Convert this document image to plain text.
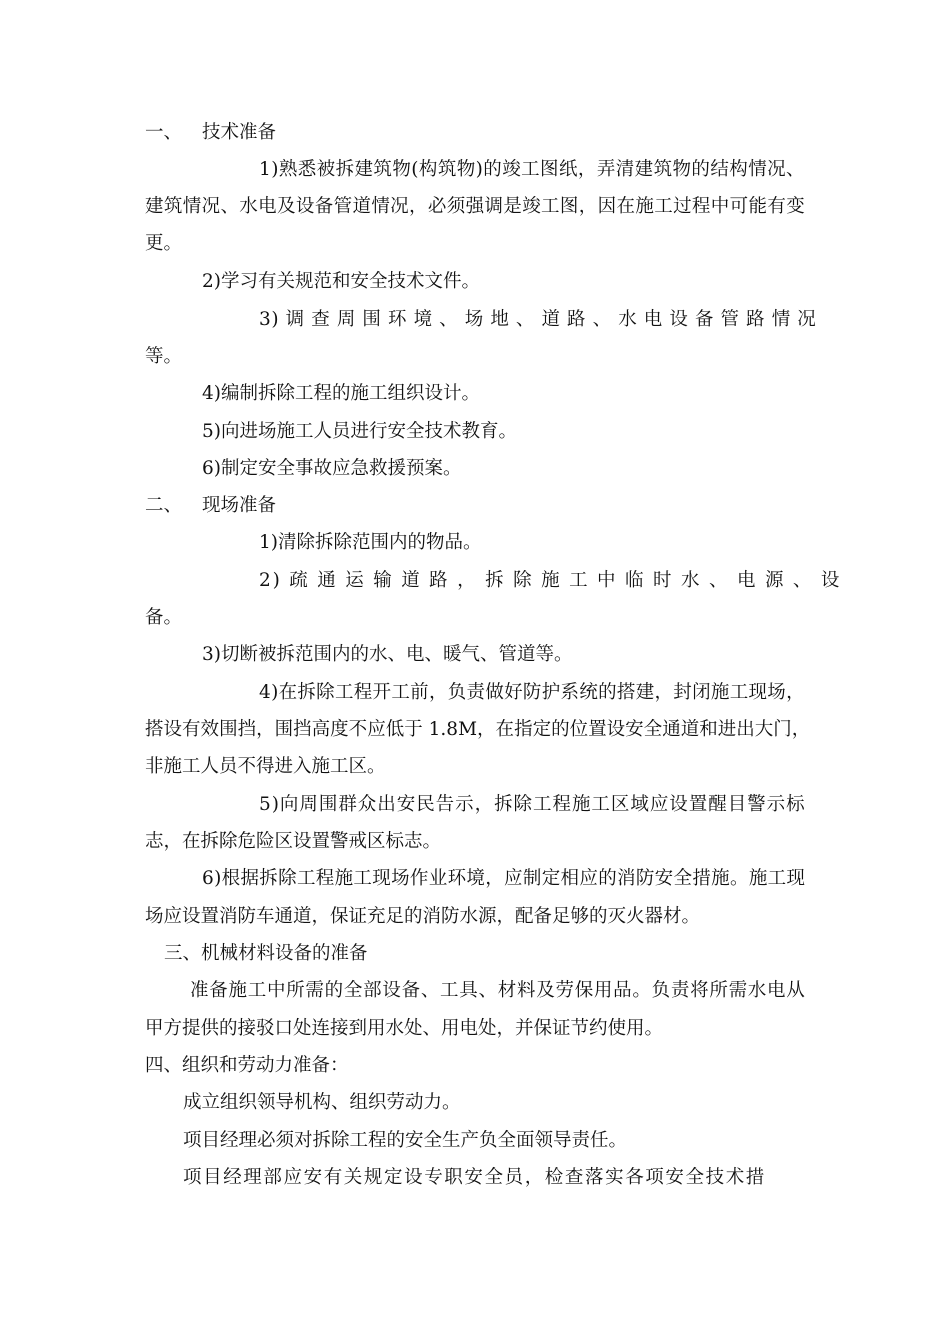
一、 技术准备
1 ) 熟 悉 被 拆 建 筑 物 ( 构 筑 物 ) 的 竣 工 图 纸 ， 弄 清 建 筑 物 的 结 构 情 况 、
建 筑 情 况 、 水 电 及 设 备 管 道 情 况 ， 必 须 强 调 是 竣 工 图 ， 因 在 施 工 过 程 中 可 能 有 变
更。
2)学习有关规范和安全技术文件。
3) 调 查 周 围 环 境 、 场 地 、 道 路 、 水 电 设 备 管 路 情 况
等。
4)编制拆除工程的施工组织设计。
5)向进场施工人员进行安全技术教育。
6)制定安全事故应急救援预案。
二、 现场准备
1)清除拆除范围内的物品。
2) 疏 通 运 输 道 路 ， 拆 除 施 工 中 临 时 水 、 电 源 、 设
备。
3)切断被拆范围内的水、电、暖气、管道等。
4 ) 在 拆 除 工 程 开 工 前 ， 负 责 做 好 防 护 系 统 的 搭 建 ， 封 闭 施 工 现 场 ，
搭 设 有 效 围 挡 ， 围 挡 高 度 不 应 低 于
1 . 8 M ， 在 指 定 的 位 置 设 安 全 通 道 和 进 出 大 门 ，
非施工人员不得进入施工区。
5 ) 向 周 围 群 众 出 安 民 告 示 ， 拆 除 工 程 施 工 区 域 应 设 置 醒 目 警 示 标
志，在拆除危险区设置警戒区标志。
6 ) 根 据 拆 除 工 程 施 工 现 场 作 业 环 境 ， 应 制 定 相 应 的 消 防 安 全 措 施 。 施 工 现
场应设置消防车通道，保证充足的消防水源，配备足够的灭火器材。
三、机械材料设备的准备
准 备 施 工 中 所 需 的 全 部 设 备 、 工 具 、 材 料 及 劳 保 用 品 。 负 责 将 所 需 水 电 从
甲方提供的接驳口处连接到用水处、用电处，并保证节约使用。
四、组织和劳动力准备：
成立组织领导机构、组织劳动力。
项目经理必须对拆除工程的安全生产负全面领导责任。
项目经理部应安有关规定设专职安全员，检查落实各项安全技术措
